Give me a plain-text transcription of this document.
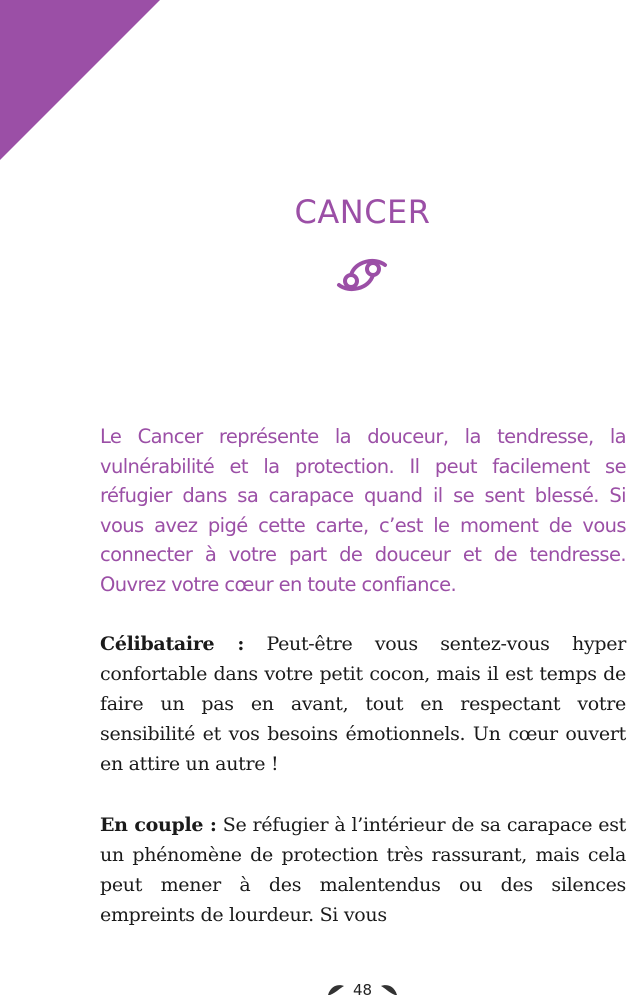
CANCER

Le Cancer représente la douceur, la tendresse, la vulnérabilité et la protection. Il peut facilement se réfugier dans sa carapace quand il se sent blessé. Si vous avez pigé cette carte, c’est le moment de vous connecter à votre part de douceur et de tendresse. Ouvrez votre cœur en toute confiance.

Célibataire : Peut-être vous sentez-vous hyper confortable dans votre petit cocon, mais il est temps de faire un pas en avant, tout en respectant votre sensibilité et vos besoins émotionnels. Un cœur ouvert en attire un autre !

En couple : Se réfugier à l’intérieur de sa carapace est un phénomène de protection très rassurant, mais cela peut mener à des malentendus ou des silences empreints de lourdeur. Si vous

48
